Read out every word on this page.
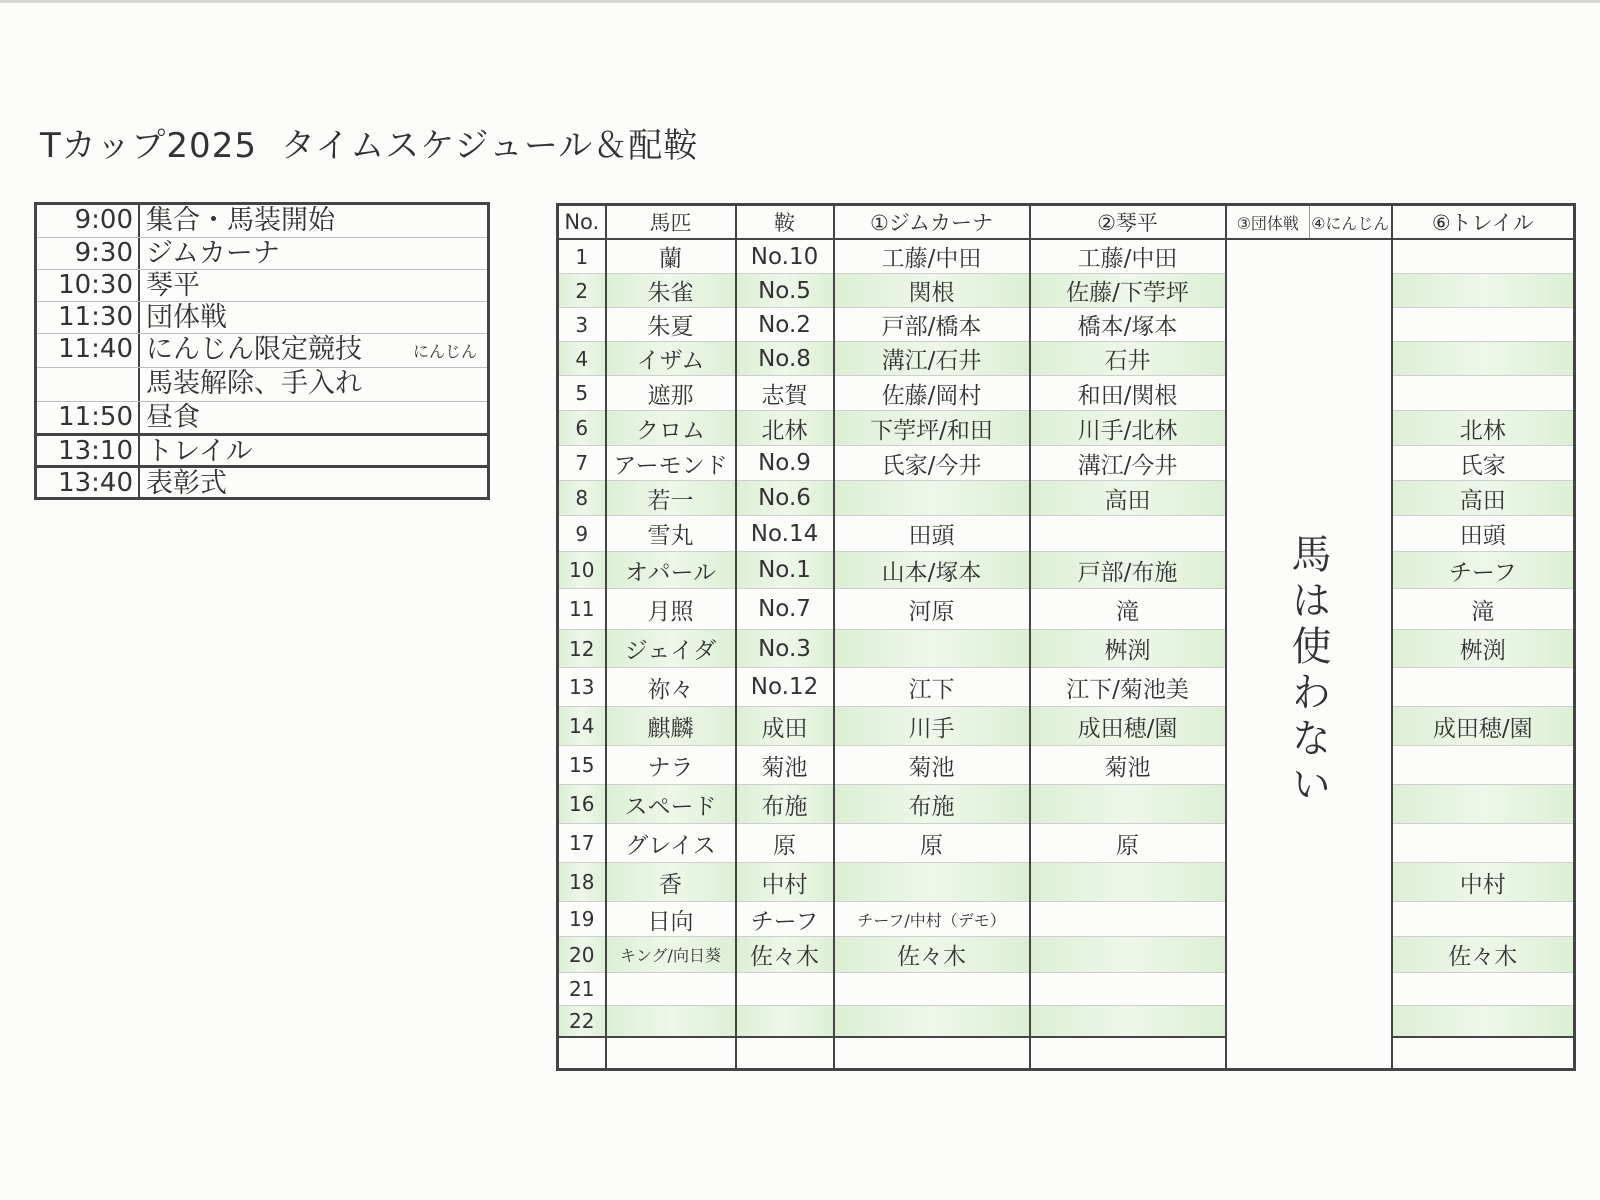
Tカップ2025 タイムスケジュール＆配鞍
9:00 集合・馬装開始
9:30 ジムカーナ
10:30 琴平
11:30 団体戦
11:40 にんじん限定競技	にんじん
馬装解除、手入れ
11:50 昼食
13:10 トレイル
13:40 表彰式
No.	馬匹	鞍	①ジムカーナ	②琴平	③団体戦	④にんじん	⑥トレイル
1	蘭	No.10	工藤/中田	工藤/中田	馬は使わない		
2	朱雀	No.5	関根	佐藤/下荢坪			
3	朱夏	No.2	戸部/橋本	橋本/塚本			
4	イザム	No.8	溝江/石井	石井			
5	遮那	志賀	佐藤/岡村	和田/関根			
6	クロム	北林	下荢坪/和田	川手/北林			北林
7	アーモンド	No.9	氏家/今井	溝江/今井			氏家
8	若一	No.6		高田			高田
9	雪丸	No.14	田頭				田頭
10	オパール	No.1	山本/塚本	戸部/布施			チーフ
11	月照	No.7	河原	滝			滝
12	ジェイダ	No.3		桝渕			桝渕
13	祢々	No.12	江下	江下/菊池美			
14	麒麟	成田	川手	成田穂/園			成田穂/園
15	ナラ	菊池	菊池	菊池			
16	スペード	布施	布施				
17	グレイス	原	原	原			
18	香	中村					中村
19	日向	チーフ	チーフ/中村（デモ）				
20	キング/向日葵	佐々木	佐々木				佐々木
21							
22							
